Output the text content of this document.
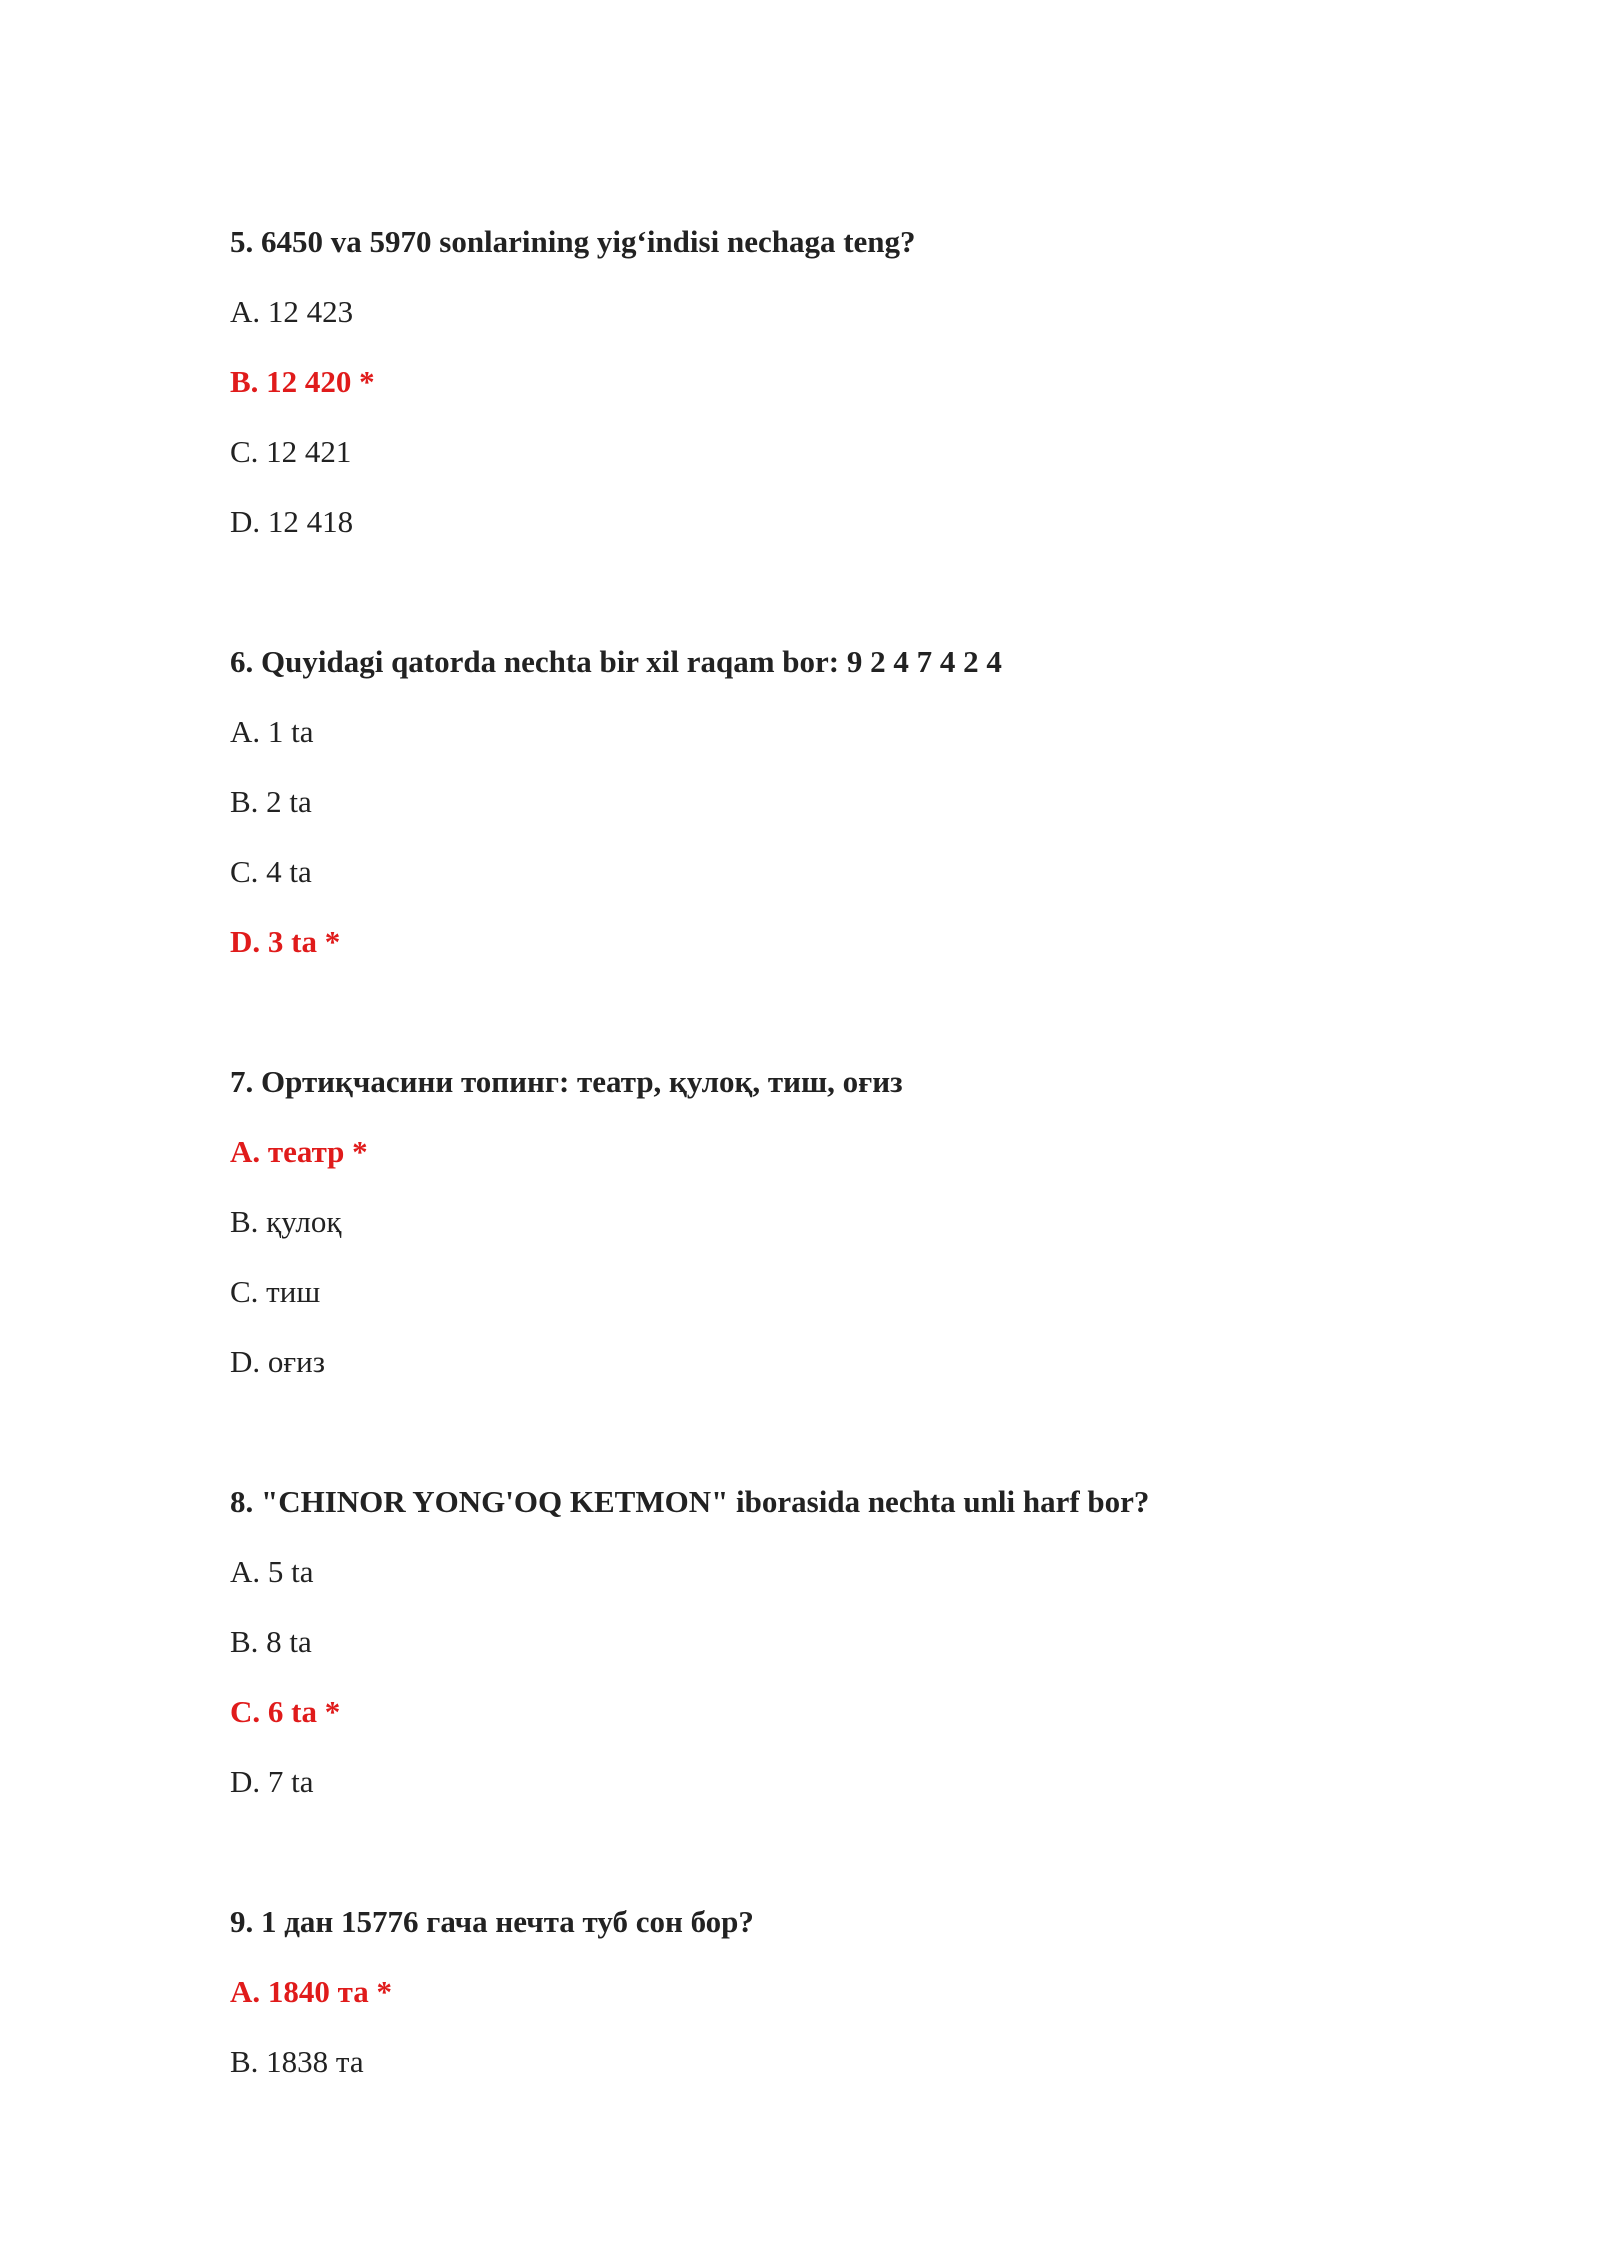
5. 6450 va 5970 sonlarining yig‘indisi nechaga teng?
A. 12 423
B. 12 420 *
C. 12 421
D. 12 418
6. Quyidagi qatorda nechta bir xil raqam bor: 9 2 4 7 4 2 4
A. 1 ta
B. 2 ta
C. 4 ta
D. 3 ta *
7. Ортиқчасини топинг: театр, қулоқ, тиш, оғиз
A. театр *
B. қулоқ
C. тиш
D. оғиз
8. "CHINOR YONG'OQ KETMON" iborasida nechta unli harf bor?
A. 5 ta
B. 8 ta
C. 6 ta *
D. 7 ta
9. 1 дан 15776 гача нечта туб сон бор?
A. 1840 та *
B. 1838 та
